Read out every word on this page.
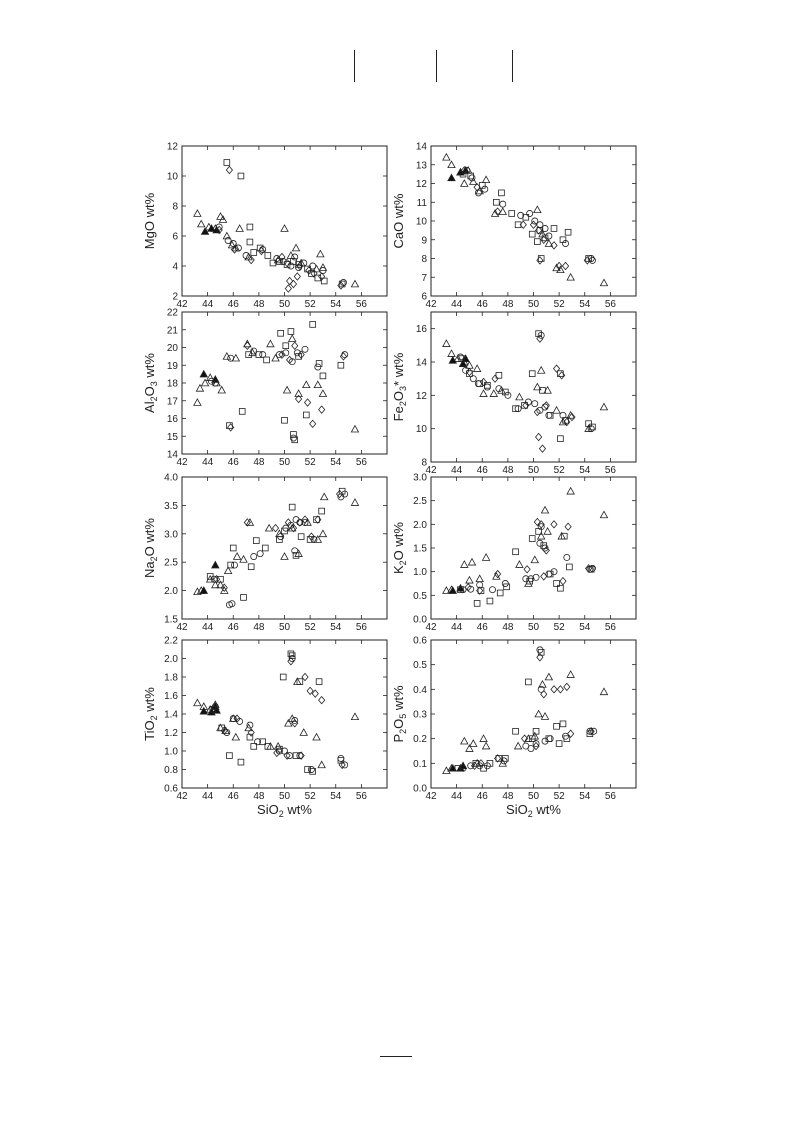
42 44 46 48 50 52 54 56
2
4
6
8
10
12
MgO wt%
42 44 46 48 50 52 54 56
6
7
8
9
10
11
12
13
14
CaO wt%
42 44 46 48 50 52 54 56
14
15
16
17
18
19
20
21
22
Al2O3 wt%
42 44 46 48 50 52 54 56
8
10
12
14
16
Fe2O3* wt%
42 44 46 48 50 52 54 56
1.5
2.0
2.5
3.0
3.5
4.0
Na2O wt%
42 44 46 48 50 52 54 56
0.0
0.5
1.0
1.5
2.0
2.5
3.0
K2O wt%
42 44 46 48 50 52 54 56
0.6
0.8
1.0
1.2
1.4
1.6
1.8
2.0
2.2
TiO2 wt%
SiO2 wt%
42 44 46 48 50 52 54 56
0.0
0.1
0.2
0.3
0.4
0.5
0.6
P2O5 wt%
SiO2 wt%
